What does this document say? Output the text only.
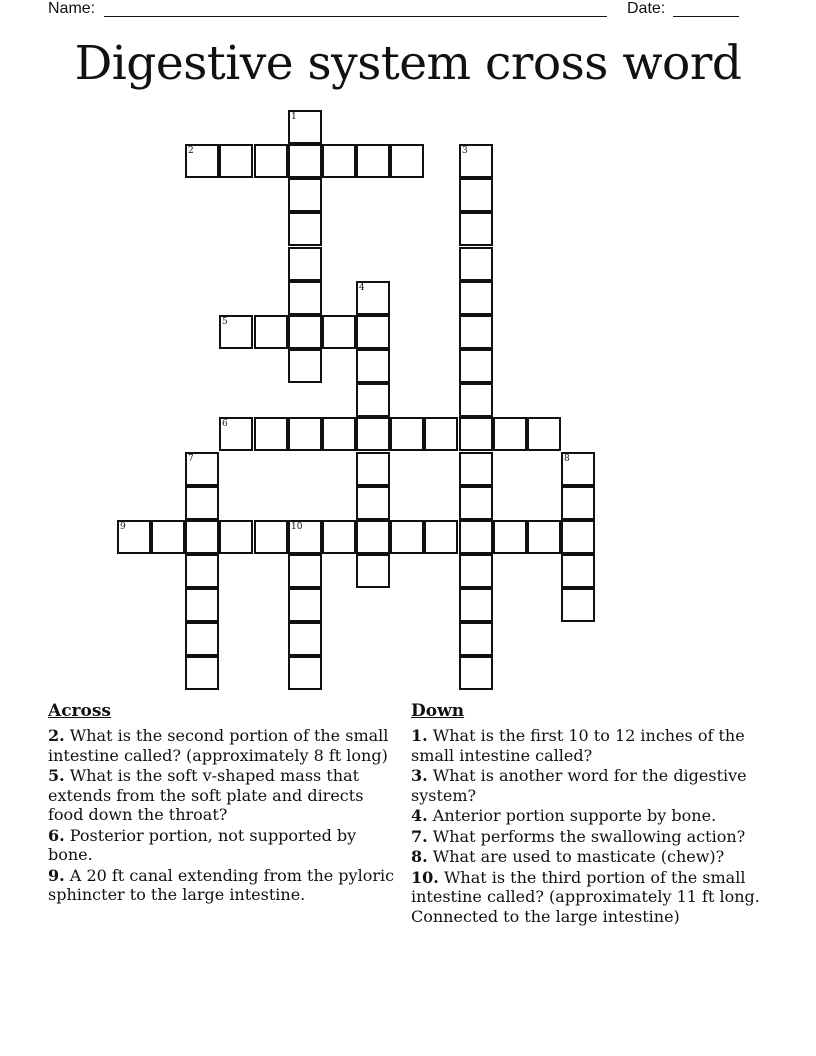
Name:	Date:
Digestive system cross word
1
2	3
4
5
6
7	8
9	10
Across
2. What is the second portion of the small intestine called? (approximately 8 ft long)
5. What is the soft v-shaped mass that extends from the soft plate and directs food down the throat?
6. Posterior portion, not supported by bone.
9. A 20 ft canal extending from the pyloric sphincter to the large intestine.
Down
1. What is the first 10 to 12 inches of the small intestine called?
3. What is another word for the digestive system?
4. Anterior portion supporte by bone.
7. What performs the swallowing action?
8. What are used to masticate (chew)?
10. What is the third portion of the small intestine called? (approximately 11 ft long. Connected to the large intestine)
